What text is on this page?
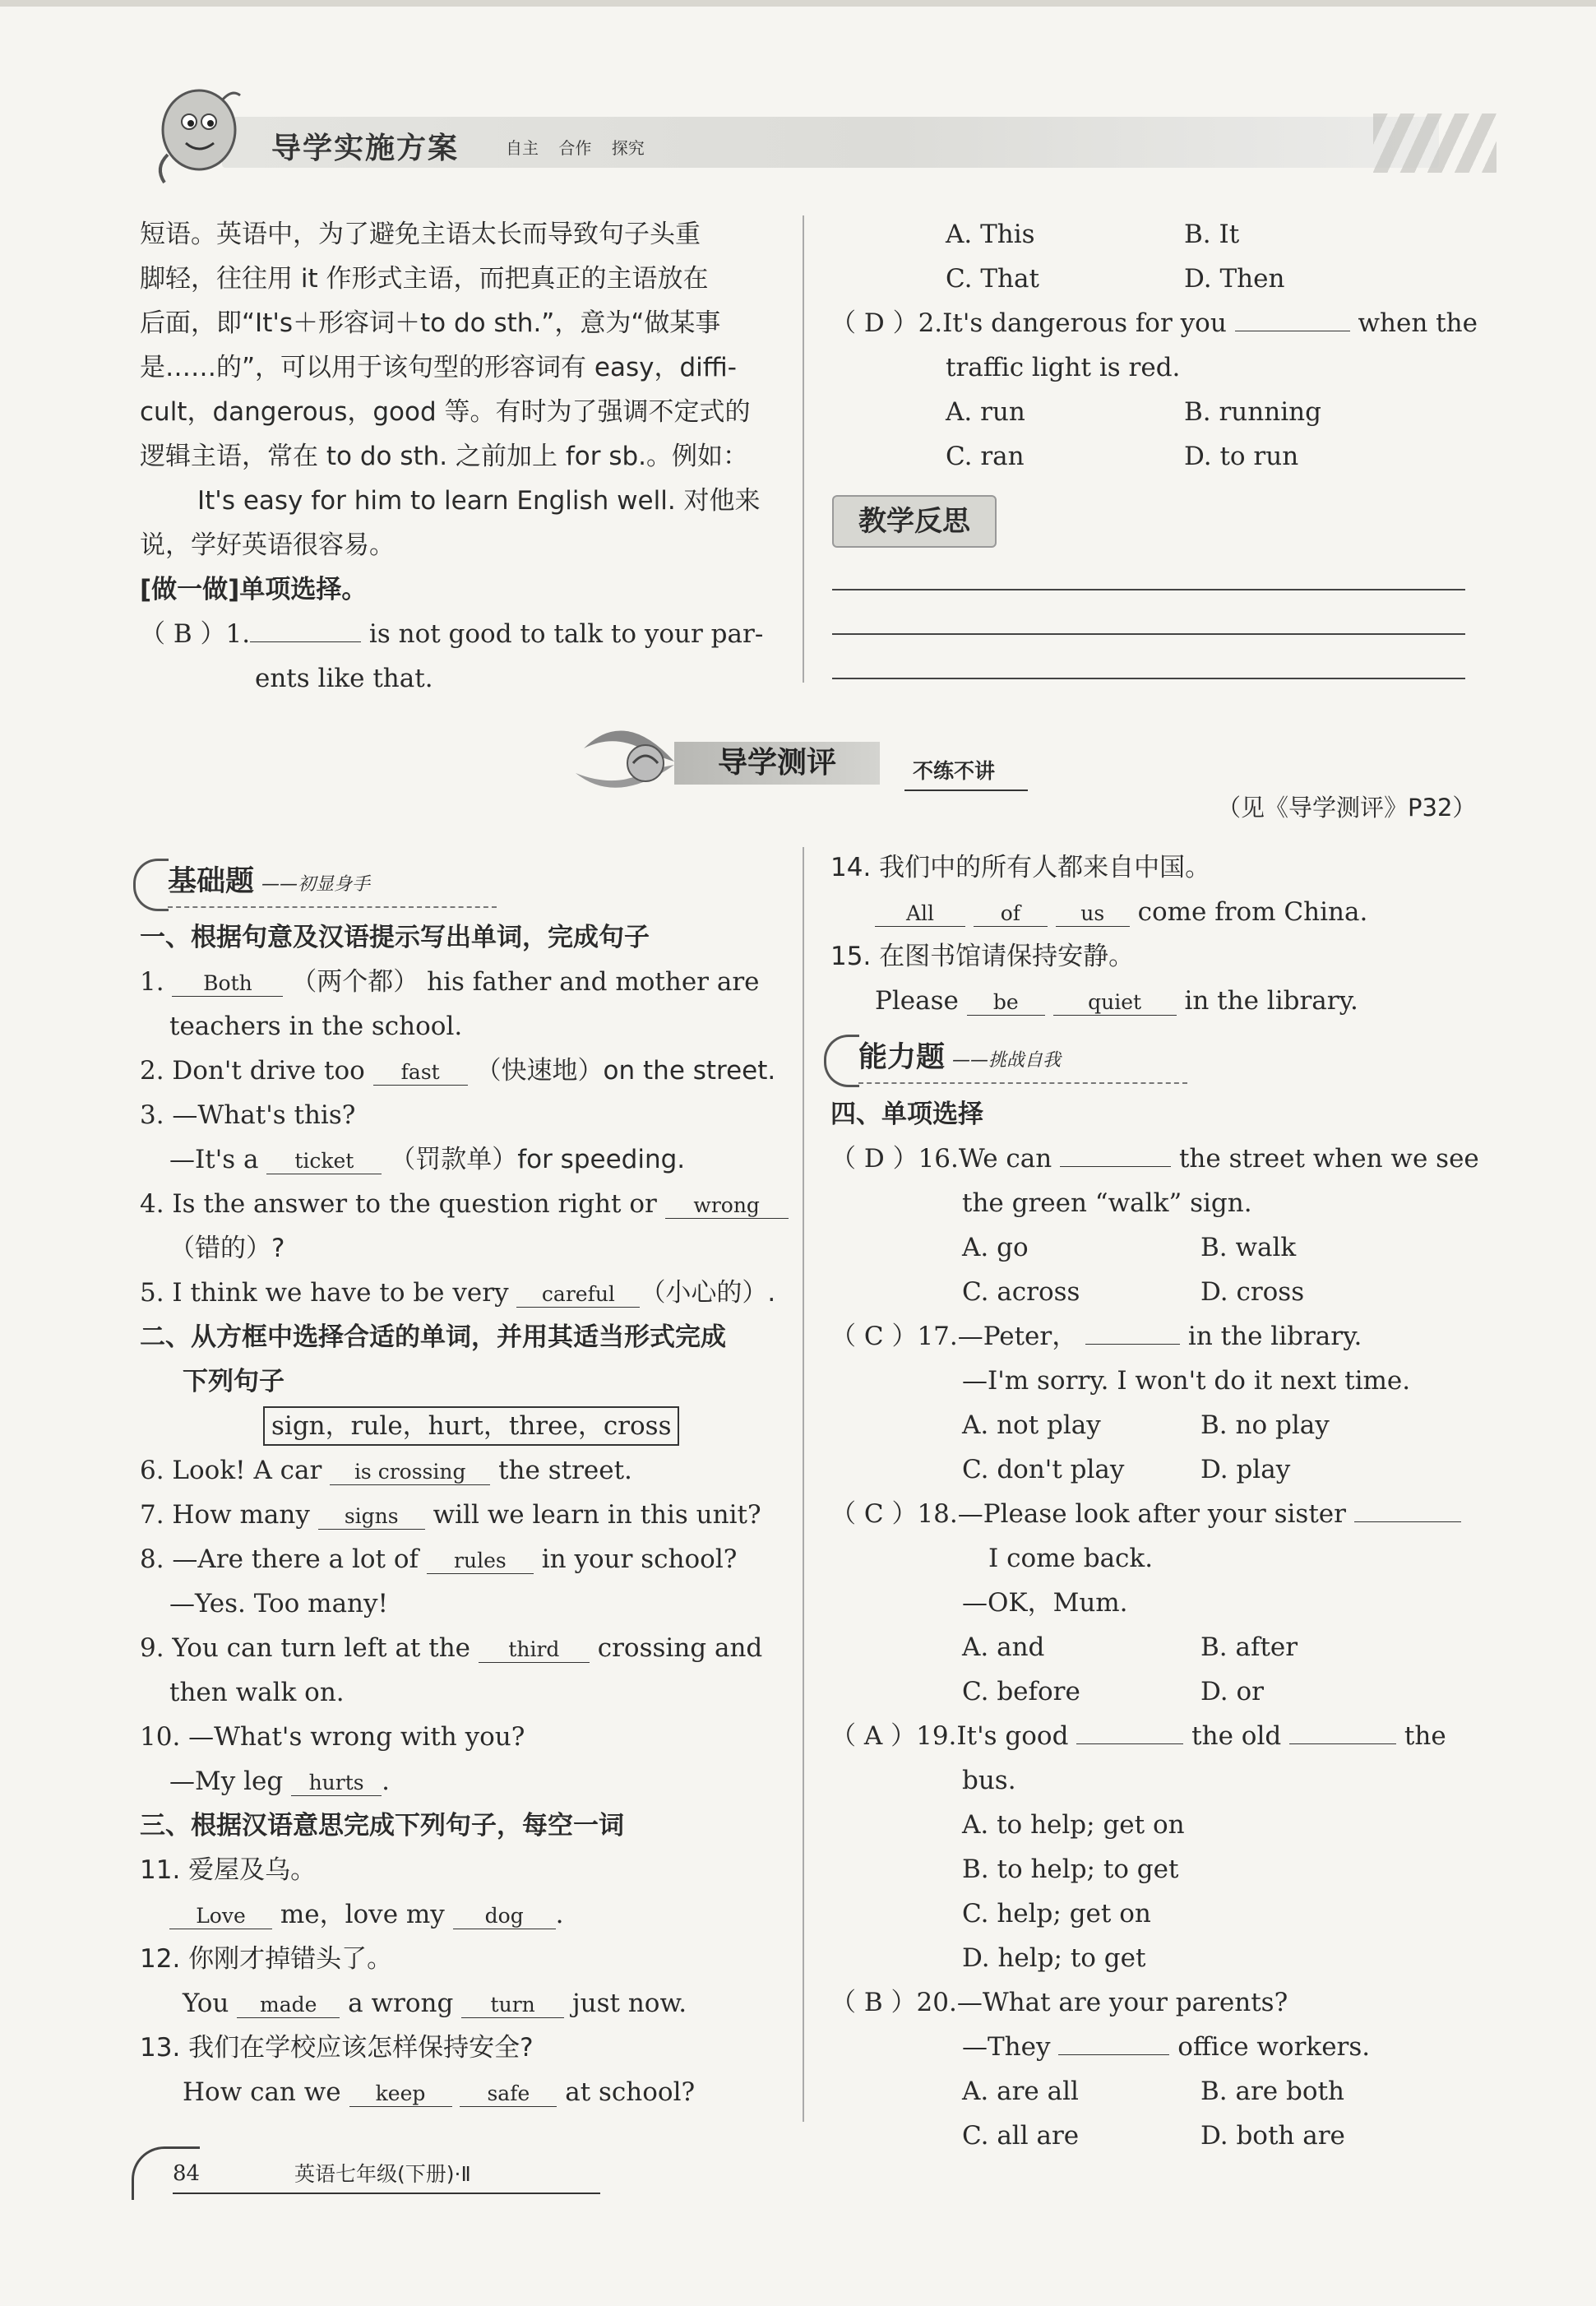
导学实施方案	自主 合作 探究
短语。英语中，为了避免主语太长而导致句子头重
脚轻，往往用 it 作形式主语，而把真正的主语放在
后面，即“It's＋形容词＋to do sth.”，意为“做某事
是……的”，可以用于该句型的形容词有 easy，diffi-
cult，dangerous，good 等。有时为了强调不定式的
逻辑主语，常在 to do sth. 之前加上 for sb.。例如：
It's easy for him to learn English well. 对他来
说，学好英语很容易。
[做一做]单项选择。
（ B ）1.	is not good to talk to your par-
ents like that.
A. This	B. It
C. That	D. Then
（ D ）2.It's dangerous for you	when the
traffic light is red.
A. run	B. running
C. ran	D. to run
教学反思
导学测评	不练不讲
（见《导学测评》P32）
基础题 ——初显身手
一、根据句意及汉语提示写出单词，完成句子
1. Both （两个都） his father and mother are
teachers in the school.
2. Don't drive too fast （快速地）on the street.
3. —What's this?
—It's a ticket （罚款单）for speeding.
4. Is the answer to the question right or wrong
（错的）?
5. I think we have to be very careful （小心的）.
二、从方框中选择合适的单词，并用其适当形式完成
下列句子
sign，rule，hurt，three，cross
6. Look! A car is crossing the street.
7. How many signs will we learn in this unit?
8. —Are there a lot of rules in your school?
—Yes. Too many!
9. You can turn left at the third crossing and
then walk on.
10. —What's wrong with you?
—My leg hurts .
三、根据汉语意思完成下列句子，每空一词
11. 爱屋及乌。
Love me，love my dog .
12. 你刚才掉错头了。
You made a wrong turn just now.
13. 我们在学校应该怎样保持安全?
How can we keep	safe at school?
14. 我们中的所有人都来自中国。
All	of	us come from China.
15. 在图书馆请保持安静。
Please be	quiet in the library.
能力题 ——挑战自我
四、单项选择
（ D ）16.We can	the street when we see
the green “walk” sign.
A. go	B. walk
C. across	D. cross
（ C ）17.—Peter，	in the library.
—I'm sorry. I won't do it next time.
A. not play	B. no play
C. don't play	D. play
（ C ）18.—Please look after your sister
I come back.
—OK，Mum.
A. and	B. after
C. before	D. or
（ A ）19.It's good	the old	the
bus.
A. to help; get on
B. to help; to get
C. help; get on
D. help; to get
（ B ）20.—What are your parents?
—They	office workers.
A. are all	B. are both
C. all are	D. both are
84	英语七年级(下册)·Ⅱ
